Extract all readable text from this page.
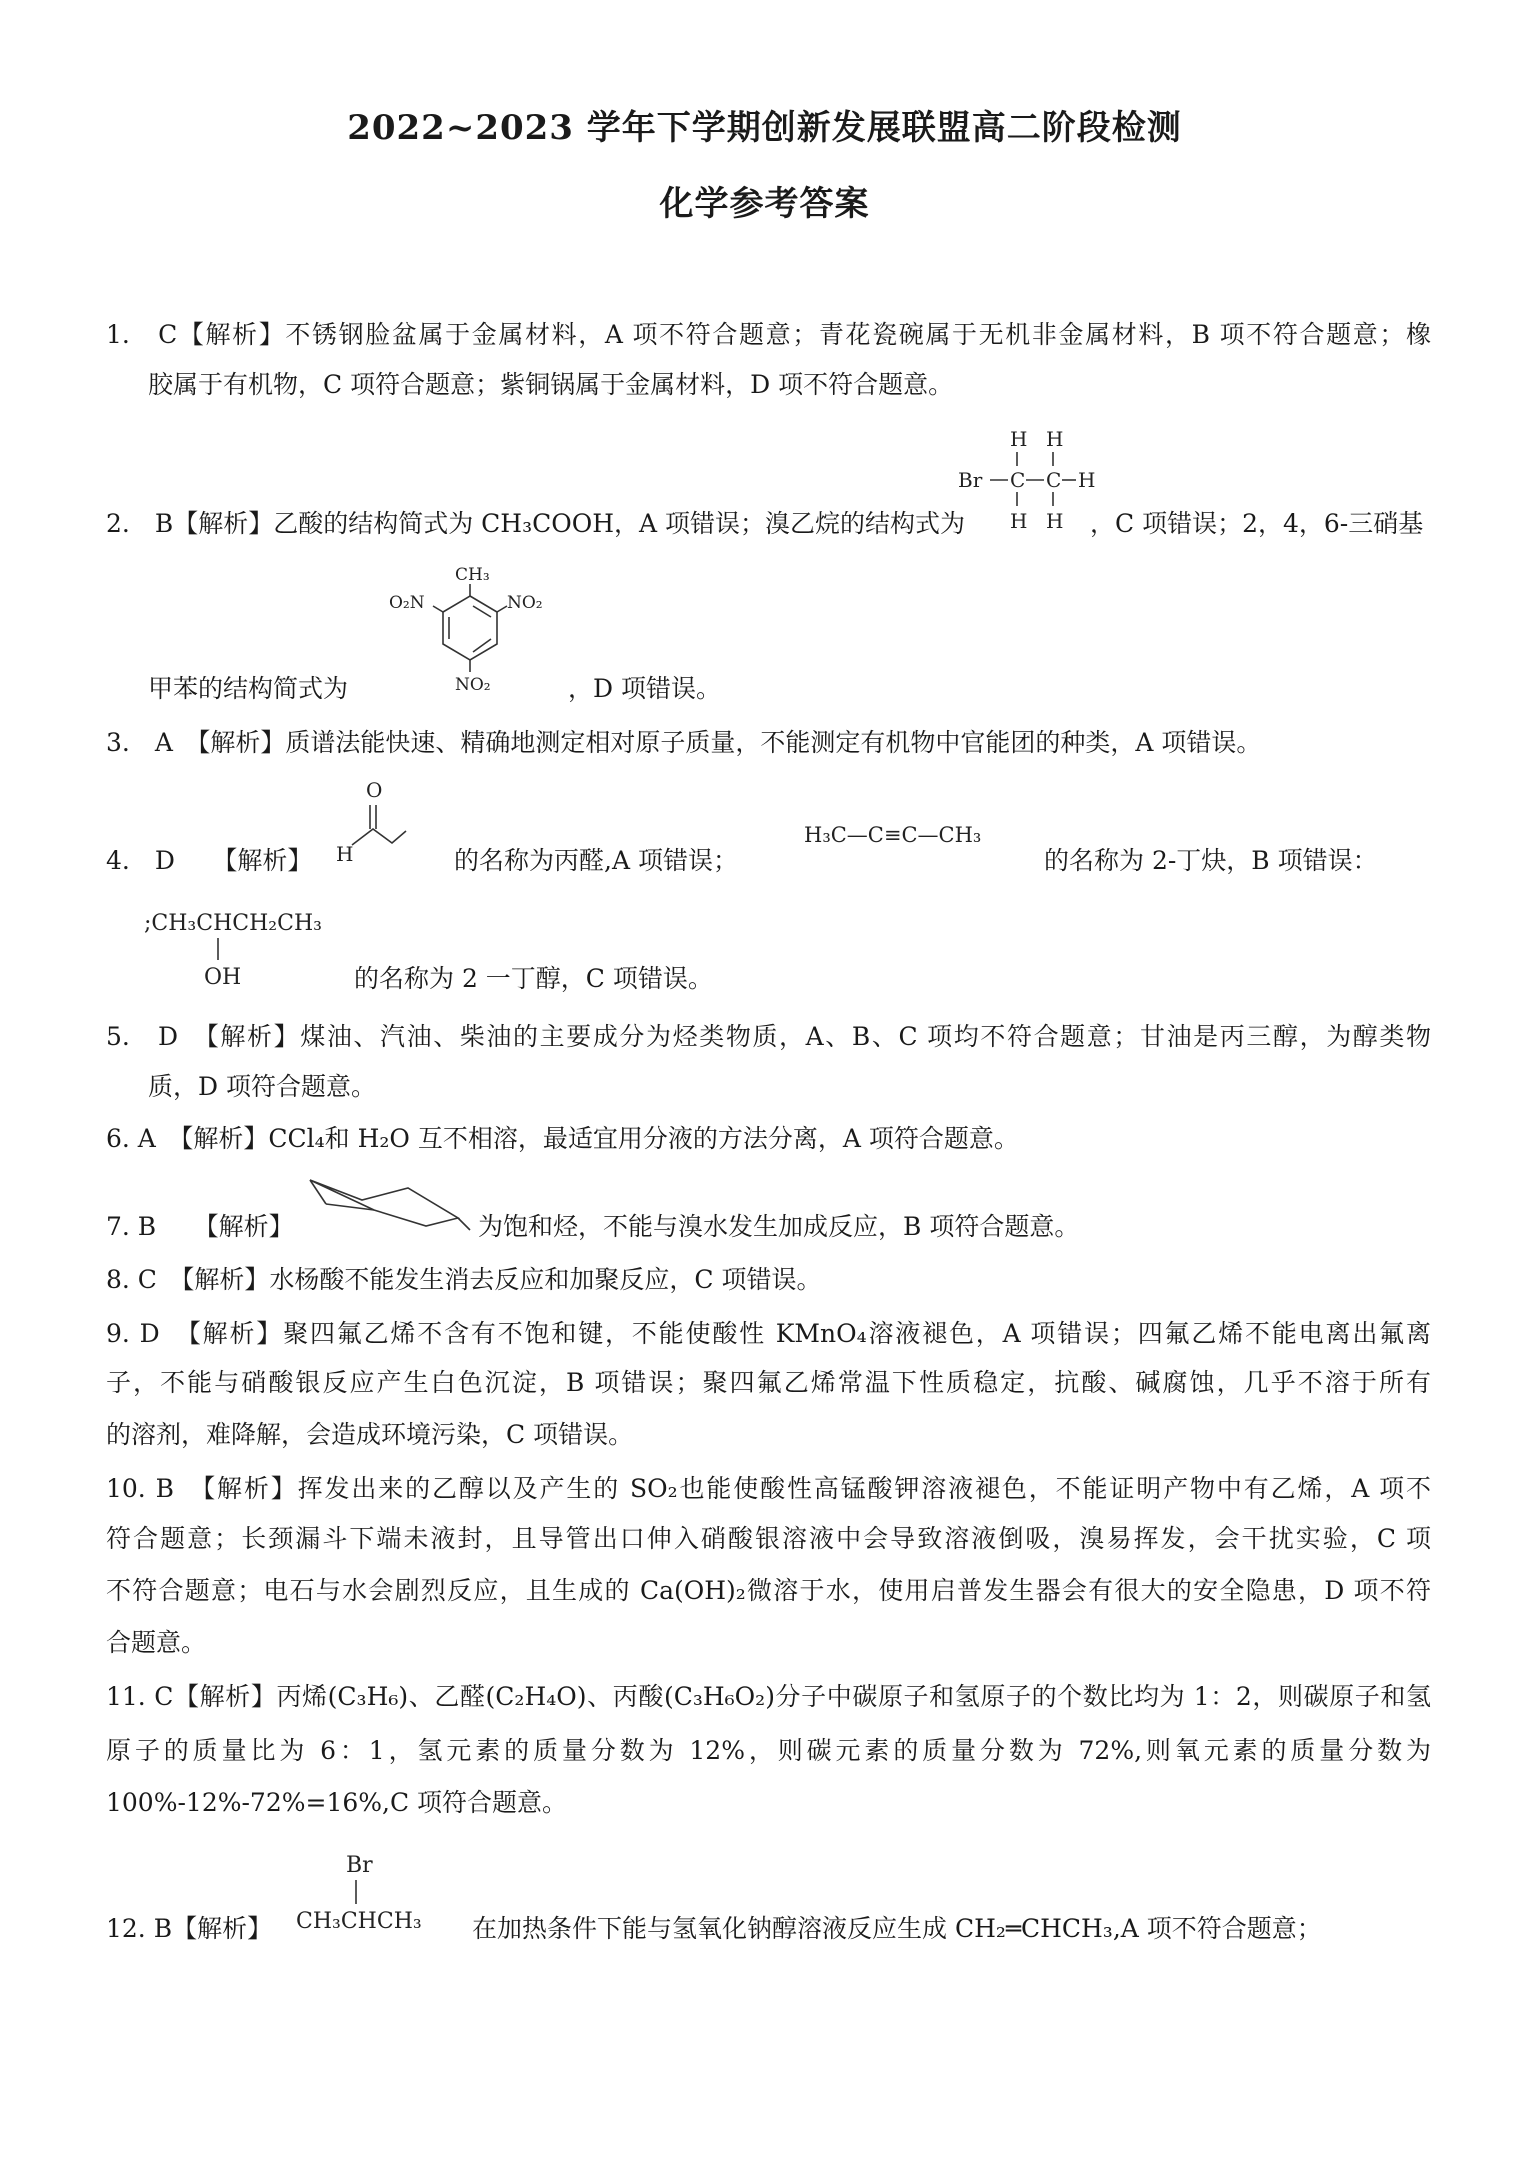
2022~2023 学年下学期创新发展联盟高二阶段检测
化学参考答案
1.　C【解析】不锈钢脸盆属于金属材料，A 项不符合题意；青花瓷碗属于无机非金属材料，B 项不符合题意；橡
胶属于有机物，C 项符合题意；紫铜锅属于金属材料，D 项不符合题意。
2.　B【解析】乙酸的结构简式为 CH₃COOH，A 项错误；溴乙烷的结构式为
H H
Br C C H
H H ，C 项错误；2，4，6-三硝基
CH₃
NO₂
O₂N
NO₂
甲苯的结构简式为	，D 项错误。
3.　A　【解析】质谱法能快速、精确地测定相对原子质量，不能测定有机物中官能团的种类，A 项错误。
4.　D　　【解析】
O
H	的名称为丙醛,A 项错误；
H₃C—C≡C—CH₃
的名称为 2-丁炔，B 项错误：
;CH₃CHCH₂CH₃
OH	的名称为 2 一丁醇，C 项错误。
5.　D　【解析】煤油、汽油、柴油的主要成分为烃类物质，A、B、C 项均不符合题意；甘油是丙三醇，为醇类物
质，D 项符合题意。
6. A　【解析】CCl₄和 H₂O 互不相溶，最适宜用分液的方法分离，A 项符合题意。
7. B　　【解析】	为饱和烃，不能与溴水发生加成反应，B 项符合题意。
8. C　【解析】水杨酸不能发生消去反应和加聚反应，C 项错误。
9. D　【解析】聚四氟乙烯不含有不饱和键，不能使酸性 KMnO₄溶液褪色，A 项错误；四氟乙烯不能电离出氟离
子，不能与硝酸银反应产生白色沉淀，B 项错误；聚四氟乙烯常温下性质稳定，抗酸、碱腐蚀，几乎不溶于所有
的溶剂，难降解，会造成环境污染，C 项错误。
10. B　【解析】挥发出来的乙醇以及产生的 SO₂也能使酸性高锰酸钾溶液褪色，不能证明产物中有乙烯，A 项不
符合题意；长颈漏斗下端未液封，且导管出口伸入硝酸银溶液中会导致溶液倒吸，溴易挥发，会干扰实验，C 项
不符合题意；电石与水会剧烈反应，且生成的 Ca(OH)₂微溶于水，使用启普发生器会有很大的安全隐患，D 项不符
合题意。
11. C【解析】丙烯(C₃H₆)、乙醛(C₂H₄O)、丙酸(C₃H₆O₂)分子中碳原子和氢原子的个数比均为 1：2，则碳原子和氢
原子的质量比为 6：1，氢元素的质量分数为 12%，则碳元素的质量分数为 72%,则氧元素的质量分数为
100%-12%-72%=16%,C 项符合题意。
12. B【解析】
Br
CH₃CHCH₃ 在加热条件下能与氢氧化钠醇溶液反应生成 CH₂═CHCH₃,A 项不符合题意；
